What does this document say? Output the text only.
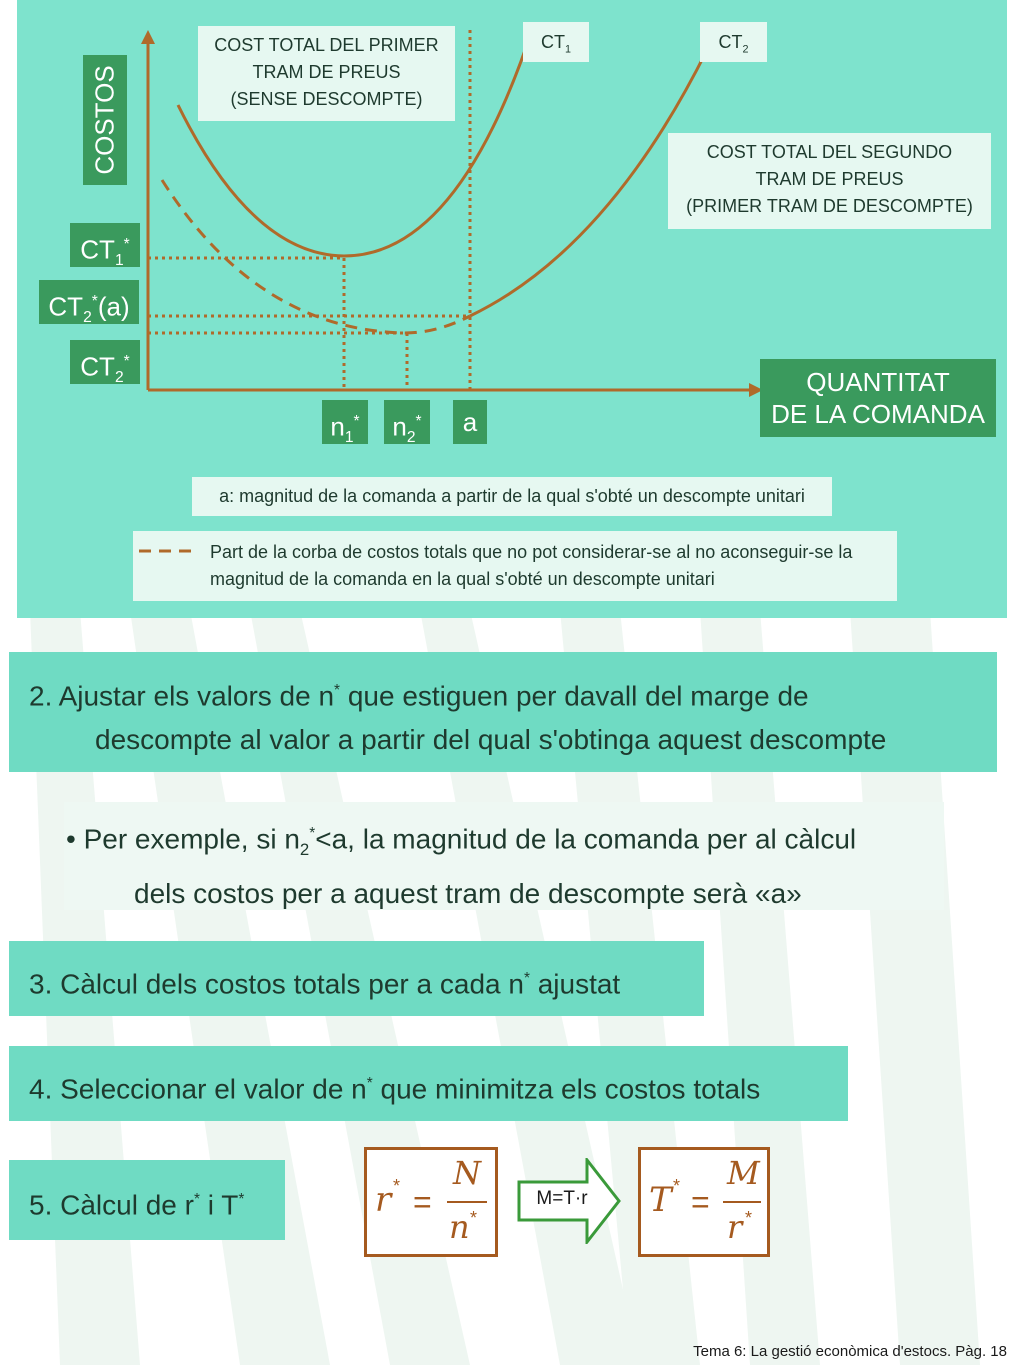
COSTOS
$CT_1^*$
$CT_2^*(a)$
$CT_2^*$
$n_1^*$	$n_2^*$	a
QUANTITAT
DE LA COMANDA
$CT_1$	$CT_2$
COST TOTAL DEL PRIMER
TRAM DE PREUS
(SENSE DESCOMPTE)
COST TOTAL DEL SEGUNDO
TRAM DE PREUS
(PRIMER TRAM DE DESCOMPTE)
a: magnitud de la comanda a partir de la qual s'obté un descompte unitari
Part de la corba de costos totals que no pot considerar-se al no aconseguir-se la
magnitud de la comanda en la qual s'obté un descompte unitari
2. Ajustar els valors de n* que estiguen per davall del marge de
descompte al valor a partir del qual s'obtinga aquest descompte
• Per exemple, si $n_2^*<a$, la magnitud de la comanda per al càlcul
dels costos per a aquest tram de descompte serà «a»
3. Càlcul dels costos totals per a cada n* ajustat
4. Seleccionar el valor de n* que minimitza els costos totals
5. Càlcul de r* i T*	r * =
N
n *
M=T·r	T * =
M
r *
Tema 6: La gestió econòmica d'estocs. Pàg. 18
